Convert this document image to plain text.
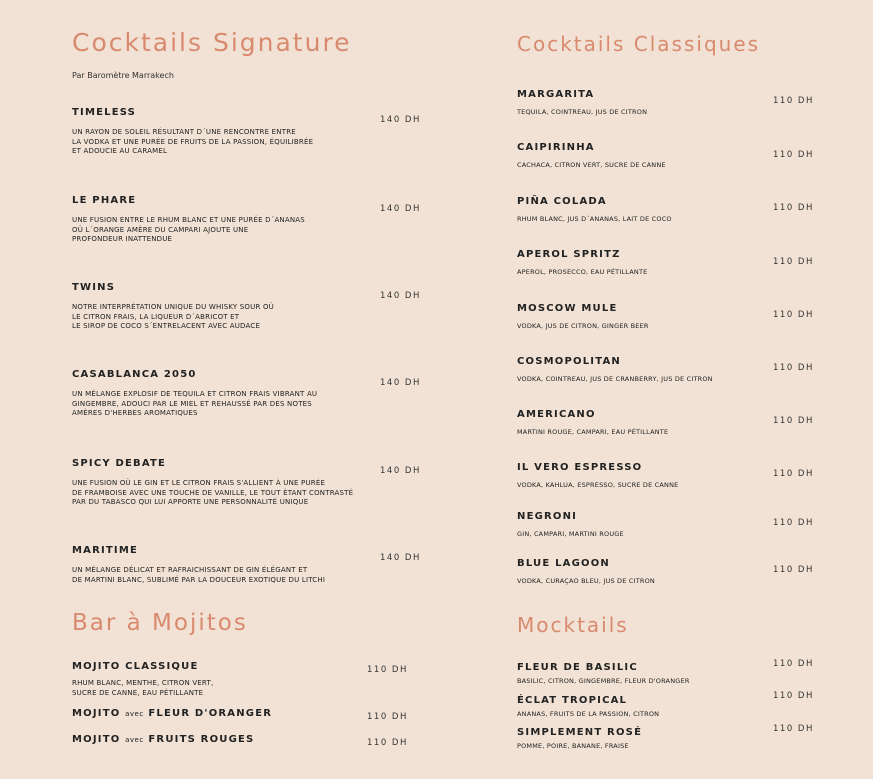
Cocktails Signature
Par Baromètre Marrakech
TIMELESS
UN RAYON DE SOLEIL RÉSULTANT D´UNE RENCONTRE ENTRE
LA VODKA ET UNE PURÉE DE FRUITS DE LA PASSION, ÉQUILIBRÉE
ET ADOUCIE AU CARAMEL
140 DH
LE PHARE
UNE FUSION ENTRE LE RHUM BLANC ET UNE PURÉE D´ANANAS
OÙ L´ORANGE AMÈRE DU CAMPARI AJOUTE UNE
PROFONDEUR INATTENDUE
140 DH
TWINS
NOTRE INTERPRÉTATION UNIQUE DU WHISKY SOUR OÙ
LE CITRON FRAIS, LA LIQUEUR D´ABRICOT ET
LE SIROP DE COCO S´ENTRELACENT AVEC AUDACE
140 DH
CASABLANCA 2050
UN MÉLANGE EXPLOSIF DE TEQUILA ET CITRON FRAIS VIBRANT AU
GINGEMBRE, ADOUCI PAR LE MIEL ET REHAUSSÉ PAR DES NOTES
AMÈRES D'HERBES AROMATIQUES
140 DH
SPICY DEBATE
UNE FUSION OÙ LE GIN ET LE CITRON FRAIS S'ALLIENT À UNE PURÉE
DE FRAMBOISE AVEC UNE TOUCHE DE VANILLE, LE TOUT ÉTANT CONTRASTÉ
PAR DU TABASCO QUI LUI APPORTE UNE PERSONNALITÉ UNIQUE
140 DH
MARITIME
UN MÉLANGE DÉLICAT ET RAFRAICHISSANT DE GIN ÉLÉGANT ET
DE MARTINI BLANC, SUBLIMÉ PAR LA DOUCEUR EXOTIQUE DU LITCHI
140 DH
Cocktails Classiques
MARGARITA
TEQUILA, COINTREAU, JUS DE CITRON
110 DH
CAIPIRINHA
CACHACA, CITRON VERT, SUCRE DE CANNE
110 DH
PIÑA COLADA
RHUM BLANC, JUS D´ANANAS, LAIT DE COCO
110 DH
APEROL SPRITZ
APEROL, PROSECCO, EAU PÉTILLANTE
110 DH
MOSCOW MULE
VODKA, JUS DE CITRON, GINGER BEER
110 DH
COSMOPOLITAN
VODKA, COINTREAU, JUS DE CRANBERRY, JUS DE CITRON
110 DH
AMERICANO
MARTINI ROUGE, CAMPARI, EAU PÉTILLANTE
110 DH
IL VERO ESPRESSO
VODKA, KAHLUA, ESPRESSO, SUCRE DE CANNE
110 DH
NEGRONI
GIN, CAMPARI, MARTINI ROUGE
110 DH
BLUE LAGOON
VODKA, CURAÇAO BLEU, JUS DE CITRON
110 DH
Bar à Mojitos
MOJITO CLASSIQUE
RHUM BLANC, MENTHE, CITRON VERT,
SUCRE DE CANNE, EAU PÉTILLANTE
110 DH
MOJITO avec FLEUR D'ORANGER	110 DH
MOJITO avec FRUITS ROUGES	110 DH
Mocktails
FLEUR DE BASILIC
BASILIC, CITRON, GINGEMBRE, FLEUR D'ORANGER
110 DH
ÉCLAT TROPICAL
ANANAS, FRUITS DE LA PASSION, CITRON
110 DH
SIMPLEMENT ROSÉ
POMME, POIRE, BANANE, FRAISE
110 DH
